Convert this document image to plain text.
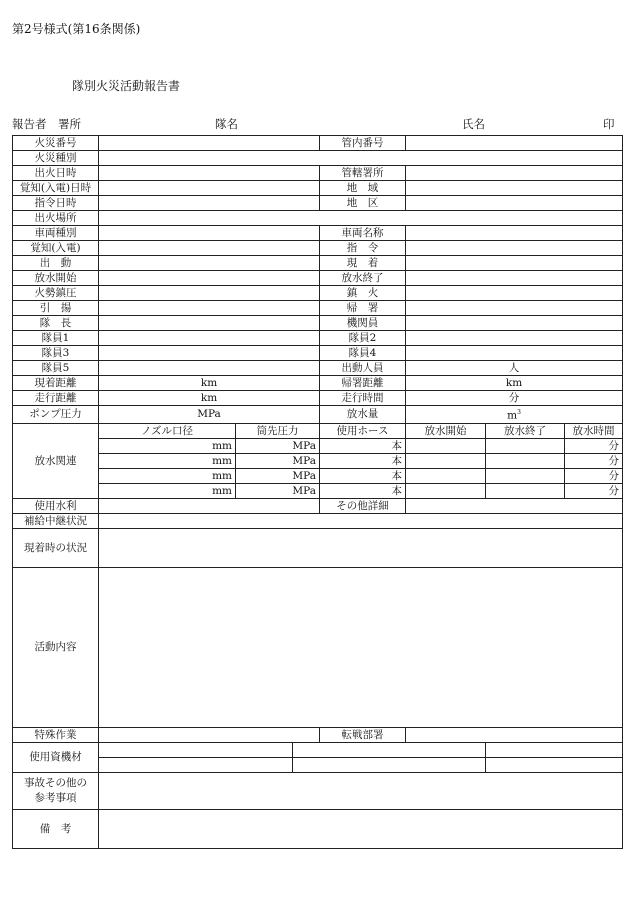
第2号様式(第16条関係)
隊別火災活動報告書
報告者 署所	隊名	氏名	印
火災番号				管内番号			
火災種別							
出火日時				管轄署所			
覚知(入電)日時				地　域			
指令日時				地　区			
出火場所							
車両種別				車両名称			
覚知(入電)				指　令			
出　動				現　着			
放水開始				放水終了			
火勢鎮圧				鎮　火			
引　揚				帰　署			
隊　長				機関員			
隊員1				隊員2			
隊員3				隊員4			
隊員5				出動人員	人		
現着距離	km			帰署距離	km		
走行距離	km			走行時間	分		
ポンプ圧力	MPa			放水量	$m^3$
放水関連	ノズル口径	筒先圧力		使用ホース	放水開始	放水終了	放水時間
	mm	MPa		本			分
	mm	MPa		本			分
	mm	MPa		本			分
	mm	MPa		本			分
使用水利				その他詳細			
補給中継状況							
現着時の状況							
活動内容							
特殊作業				転戦部署			
使用資機材							

事故その他の
参考事項							
備　考							
